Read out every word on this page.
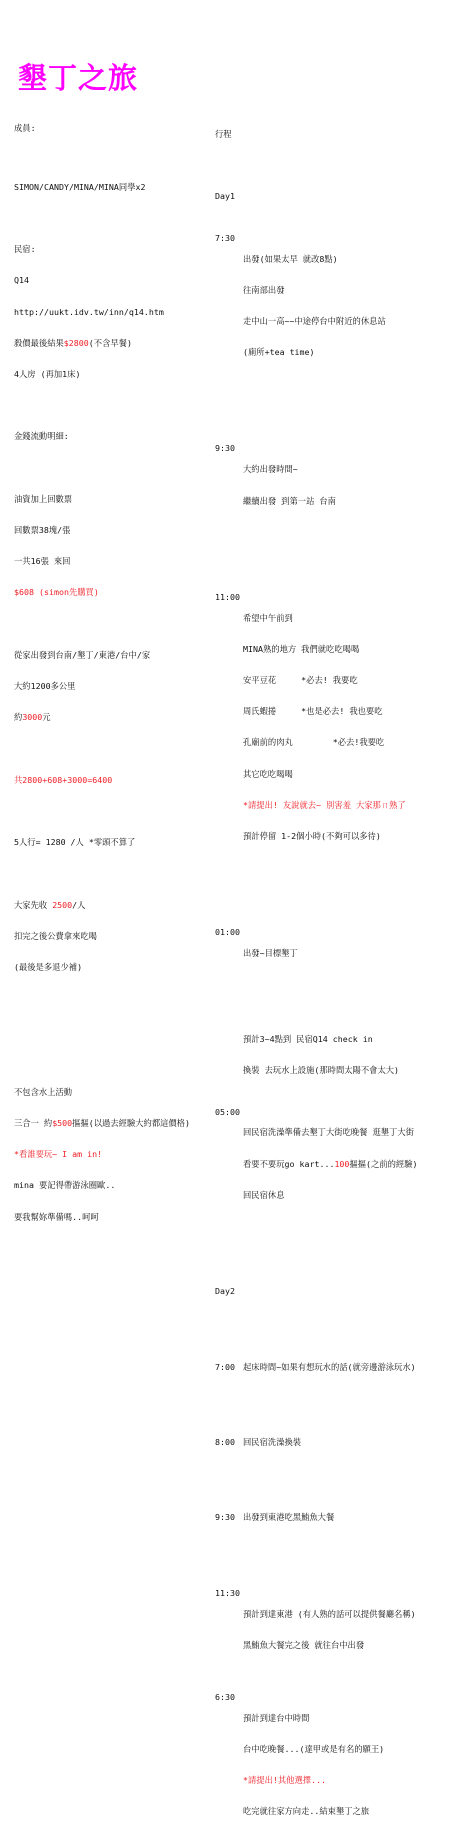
墾丁之旅

成員:

SIMON/CANDY/MINA/MINA同學x2

民宿:

Q14

http://uukt.idv.tw/inn/q14.htm

殺價最後結果$2800(不含早餐)

4人房 (再加1床)

金錢流動明細:

油資加上回數票

回數票38塊/張

一共16張 來回

$608 (simon先購買)

從家出發到台南/墾丁/東港/台中/家

大約1200多公里

約3000元

共2800+608+3000=6400

5人行= 1280 /人 *零頭不算了

大家先收 2500/人

扣完之後公費拿來吃喝

(最後是多退少補)

不包含水上活動

三合一 約$500摳摳(以過去經驗大約都這價格)

*看誰要玩~ I am in!

mina 要記得帶游泳圈歐..

要我幫妳準備嗎..呵呵

行程

Day1

7:30

出發(如果太早 就改8點)

往南部出發

走中山一高~~中途停台中附近的休息站

(廁所+tea time)

9:30

大約出發時間~

繼續出發 到第一站 台南

11:00

希望中午前到

MINA熟的地方 我們就吃吃喝喝

安平豆花     *必去! 我要吃

周氏蝦捲     *也是必去! 我也要吃

孔廟前的肉丸        *必去!我要吃

其它吃吃喝喝

*請提出! 友說就去~ 別害羞 大家那ㄇ熟了

預計停留 1-2個小時(不夠可以多待)

01:00

出發~目標墾丁

預計3~4點到 民宿Q14 check in

換裝 去玩水上設施(那時間太陽不會太大)

05:00

回民宿洗澡準備去墾丁大街吃晚餐 逛墾丁大街

看要不要玩go kart...100摳摳(之前的經驗)

回民宿休息

Day2

7:00 起床時間~如果有想玩水的話(就旁邊游泳玩水)

8:00 回民宿洗澡換裝

9:30 出發到東港吃黑鮪魚大餐

11:30

預計到達東港 (有人熟的話可以提供餐廳名稱)

黑鮪魚大餐完之後 就往台中出發

6:30

預計到達台中時間

台中吃晚餐...(達甲或是有名的願王)

*請提出!其他選擇...

吃完就往家方向走..結束墾丁之旅
